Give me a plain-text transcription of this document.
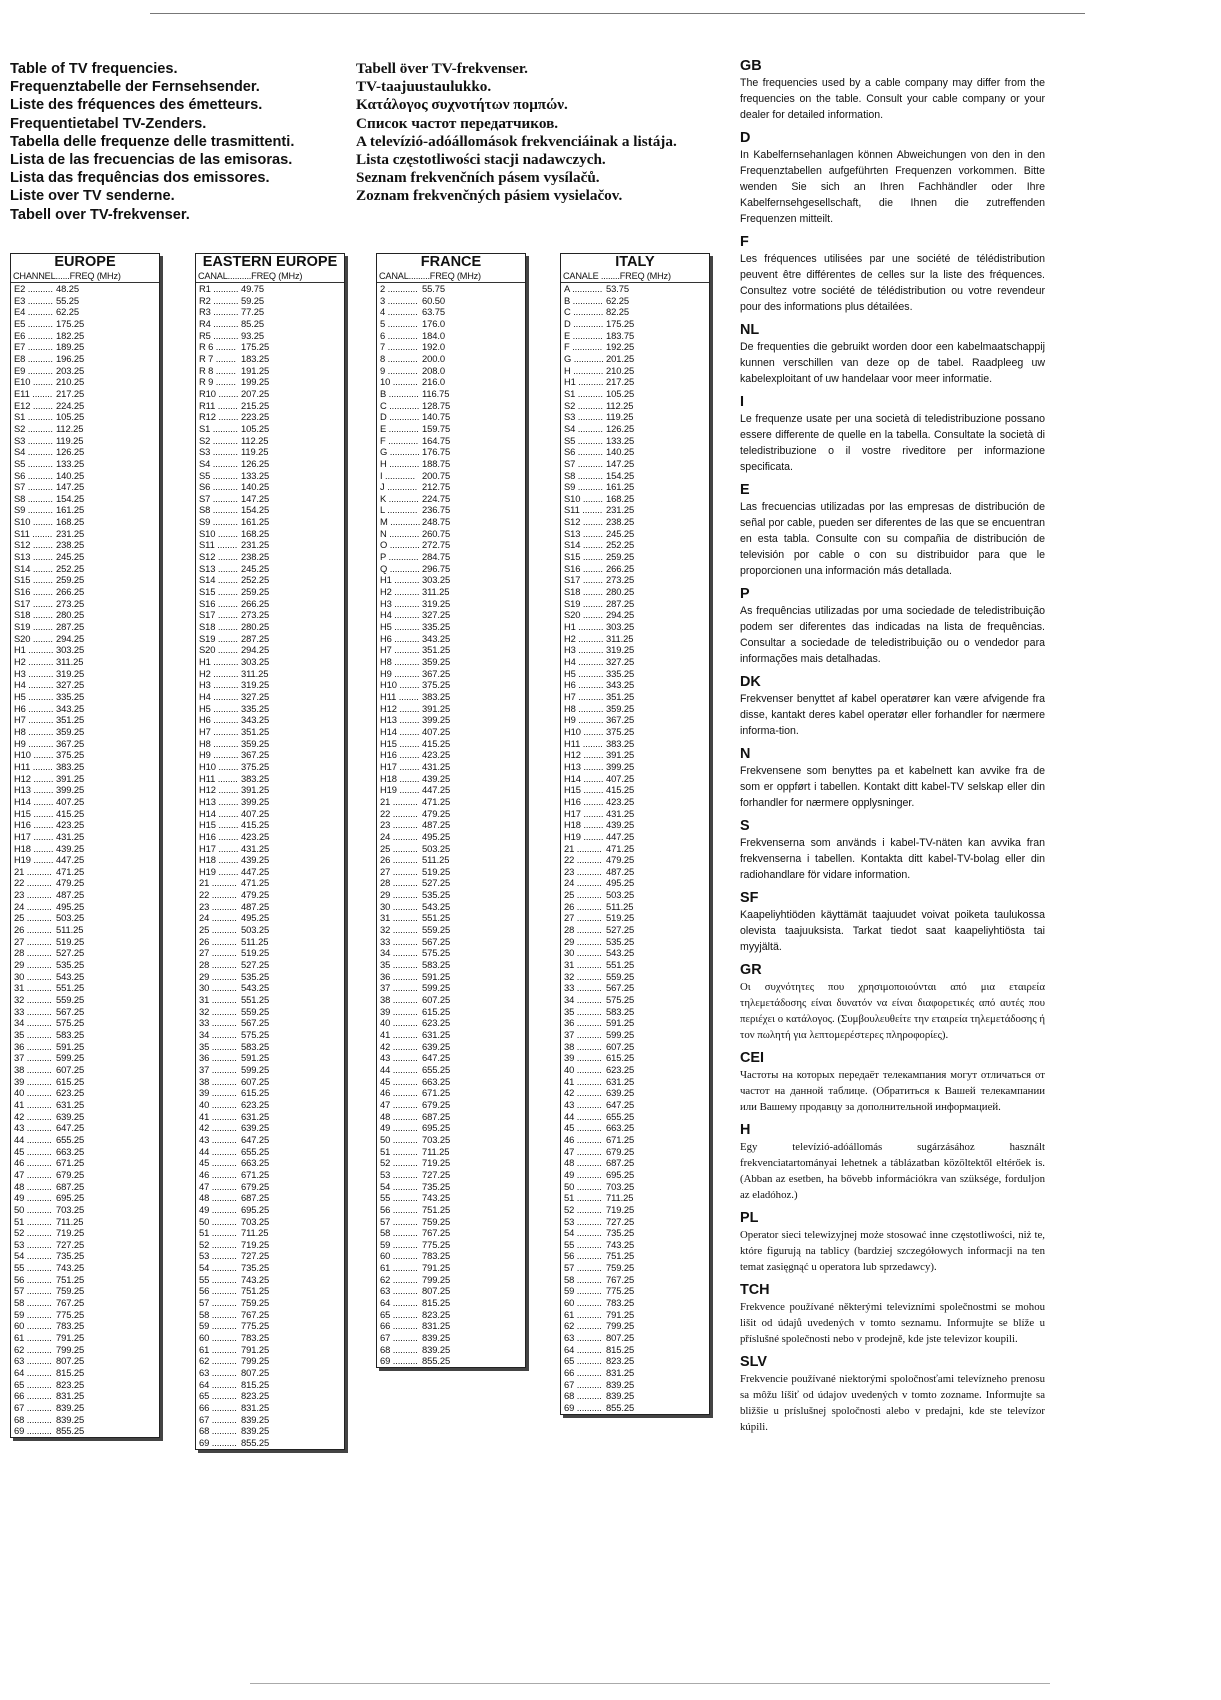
Table of TV frequencies.
Frequenztabelle der Fernsehsender.
Liste des fréquences des émetteurs.
Frequentietabel TV-Zenders.
Tabella delle frequenze delle trasmittenti.
Lista de las frecuencias de las emisoras.
Lista das frequências dos emissores.
Liste over TV senderne.
Tabell over TV-frekvenser.
Tabell över TV-frekvenser.
TV-taajuustaulukko.
Κατάλογος συχνοτήτων πομπών.
Список частот передатчиков.
A televízió-adóállomások frekvenciáinak a listája.
Lista częstotliwości stacji nadawczych.
Seznam frekvenčních pásem vysílačů.
Zoznam frekvenčných pásiem vysielačov.
EUROPE
CHANNEL......FREQ (MHz)
E2 .......... 48.25
E3 .......... 55.25
E4 .......... 62.25
E5 .......... 175.25
E6 .......... 182.25
E7 .......... 189.25
E8 .......... 196.25
E9 .......... 203.25
E10 ........ 210.25
E11 ........ 217.25
E12 ........ 224.25
S1 .......... 105.25
S2 .......... 112.25
S3 .......... 119.25
S4 .......... 126.25
S5 .......... 133.25
S6 .......... 140.25
S7 .......... 147.25
S8 .......... 154.25
S9 .......... 161.25
S10 ........ 168.25
S11 ........ 231.25
S12 ........ 238.25
S13 ........ 245.25
S14 ........ 252.25
S15 ........ 259.25
S16 ........ 266.25
S17 ........ 273.25
S18 ........ 280.25
S19 ........ 287.25
S20 ........ 294.25
H1 .......... 303.25
H2 .......... 311.25
H3 .......... 319.25
H4 .......... 327.25
H5 .......... 335.25
H6 .......... 343.25
H7 .......... 351.25
H8 .......... 359.25
H9 .......... 367.25
H10 ........ 375.25
H11 ........ 383.25
H12 ........ 391.25
H13 ........ 399.25
H14 ........ 407.25
H15 ........ 415.25
H16 ........ 423.25
H17 ........ 431.25
H18 ........ 439.25
H19 ........ 447.25
21 .......... 471.25
22 .......... 479.25
23 .......... 487.25
24 .......... 495.25
25 .......... 503.25
26 .......... 511.25
27 .......... 519.25
28 .......... 527.25
29 .......... 535.25
30 .......... 543.25
31 .......... 551.25
32 .......... 559.25
33 .......... 567.25
34 .......... 575.25
35 .......... 583.25
36 .......... 591.25
37 .......... 599.25
38 .......... 607.25
39 .......... 615.25
40 .......... 623.25
41 .......... 631.25
42 .......... 639.25
43 .......... 647.25
44 .......... 655.25
45 .......... 663.25
46 .......... 671.25
47 .......... 679.25
48 .......... 687.25
49 .......... 695.25
50 .......... 703.25
51 .......... 711.25
52 .......... 719.25
53 .......... 727.25
54 .......... 735.25
55 .......... 743.25
56 .......... 751.25
57 .......... 759.25
58 .......... 767.25
59 .......... 775.25
60 .......... 783.25
61 .......... 791.25
62 .......... 799.25
63 .......... 807.25
64 .......... 815.25
65 .......... 823.25
66 .......... 831.25
67 .......... 839.25
68 .......... 839.25
69 .......... 855.25
EASTERN EUROPE
CANAL..........FREQ (MHz)
R1 .......... 49.75
R2 .......... 59.25
R3 .......... 77.25
R4 .......... 85.25
R5 .......... 93.25
R 6 ........ 175.25
R 7 ........ 183.25
R 8 ........ 191.25
R 9 ........ 199.25
R10 ........ 207.25
R11 ........ 215.25
R12 ........ 223.25
S1 .......... 105.25
S2 .......... 112.25
S3 .......... 119.25
S4 .......... 126.25
S5 .......... 133.25
S6 .......... 140.25
S7 .......... 147.25
S8 .......... 154.25
S9 .......... 161.25
S10 ........ 168.25
S11 ........ 231.25
S12 ........ 238.25
S13 ........ 245.25
S14 ........ 252.25
S15 ........ 259.25
S16 ........ 266.25
S17 ........ 273.25
S18 ........ 280.25
S19 ........ 287.25
S20 ........ 294.25
H1 .......... 303.25
H2 .......... 311.25
H3 .......... 319.25
H4 .......... 327.25
H5 .......... 335.25
H6 .......... 343.25
H7 .......... 351.25
H8 .......... 359.25
H9 .......... 367.25
H10 ........ 375.25
H11 ........ 383.25
H12 ........ 391.25
H13 ........ 399.25
H14 ........ 407.25
H15 ........ 415.25
H16 ........ 423.25
H17 ........ 431.25
H18 ........ 439.25
H19 ........ 447.25
21 .......... 471.25
22 .......... 479.25
23 .......... 487.25
24 .......... 495.25
25 .......... 503.25
26 .......... 511.25
27 .......... 519.25
28 .......... 527.25
29 .......... 535.25
30 .......... 543.25
31 .......... 551.25
32 .......... 559.25
33 .......... 567.25
34 .......... 575.25
35 .......... 583.25
36 .......... 591.25
37 .......... 599.25
38 .......... 607.25
39 .......... 615.25
40 .......... 623.25
41 .......... 631.25
42 .......... 639.25
43 .......... 647.25
44 .......... 655.25
45 .......... 663.25
46 .......... 671.25
47 .......... 679.25
48 .......... 687.25
49 .......... 695.25
50 .......... 703.25
51 .......... 711.25
52 .......... 719.25
53 .......... 727.25
54 .......... 735.25
55 .......... 743.25
56 .......... 751.25
57 .......... 759.25
58 .......... 767.25
59 .......... 775.25
60 .......... 783.25
61 .......... 791.25
62 .......... 799.25
63 .......... 807.25
64 .......... 815.25
65 .......... 823.25
66 .......... 831.25
67 .......... 839.25
68 .......... 839.25
69 .......... 855.25
FRANCE
CANAL.........FREQ (MHz)
2 ............ 55.75
3 ............ 60.50
4 ............ 63.75
5 ............ 176.0
6 ............ 184.0
7 ............ 192.0
8 ............ 200.0
9 ............ 208.0
10 .......... 216.0
B ............ 116.75
C ............ 128.75
D ............ 140.75
E ............ 159.75
F ............ 164.75
G ............ 176.75
H ............ 188.75
I ............ 200.75
J ............ 212.75
K ............ 224.75
L ............ 236.75
M ............ 248.75
N ............ 260.75
O ............ 272.75
P ............ 284.75
Q ............ 296.75
H1 .......... 303.25
H2 .......... 311.25
H3 .......... 319.25
H4 .......... 327.25
H5 .......... 335.25
H6 .......... 343.25
H7 .......... 351.25
H8 .......... 359.25
H9 .......... 367.25
H10 ........ 375.25
H11 ........ 383.25
H12 ........ 391.25
H13 ........ 399.25
H14 ........ 407.25
H15 ........ 415.25
H16 ........ 423.25
H17 ........ 431.25
H18 ........ 439.25
H19 ........ 447.25
21 .......... 471.25
22 .......... 479.25
23 .......... 487.25
24 .......... 495.25
25 .......... 503.25
26 .......... 511.25
27 .......... 519.25
28 .......... 527.25
29 .......... 535.25
30 .......... 543.25
31 .......... 551.25
32 .......... 559.25
33 .......... 567.25
34 .......... 575.25
35 .......... 583.25
36 .......... 591.25
37 .......... 599.25
38 .......... 607.25
39 .......... 615.25
40 .......... 623.25
41 .......... 631.25
42 .......... 639.25
43 .......... 647.25
44 .......... 655.25
45 .......... 663.25
46 .......... 671.25
47 .......... 679.25
48 .......... 687.25
49 .......... 695.25
50 .......... 703.25
51 .......... 711.25
52 .......... 719.25
53 .......... 727.25
54 .......... 735.25
55 .......... 743.25
56 .......... 751.25
57 .......... 759.25
58 .......... 767.25
59 .......... 775.25
60 .......... 783.25
61 .......... 791.25
62 .......... 799.25
63 .......... 807.25
64 .......... 815.25
65 .......... 823.25
66 .......... 831.25
67 .......... 839.25
68 .......... 839.25
69 .......... 855.25
ITALY
CANALE ........FREQ (MHz)
A ............ 53.75
B ............ 62.25
C ............ 82.25
D ............ 175.25
E ............ 183.75
F ............ 192.25
G ............ 201.25
H ............ 210.25
H1 .......... 217.25
S1 .......... 105.25
S2 .......... 112.25
S3 .......... 119.25
S4 .......... 126.25
S5 .......... 133.25
S6 .......... 140.25
S7 .......... 147.25
S8 .......... 154.25
S9 .......... 161.25
S10 ........ 168.25
S11 ........ 231.25
S12 ........ 238.25
S13 ........ 245.25
S14 ........ 252.25
S15 ........ 259.25
S16 ........ 266.25
S17 ........ 273.25
S18 ........ 280.25
S19 ........ 287.25
S20 ........ 294.25
H1 .......... 303.25
H2 .......... 311.25
H3 .......... 319.25
H4 .......... 327.25
H5 .......... 335.25
H6 .......... 343.25
H7 .......... 351.25
H8 .......... 359.25
H9 .......... 367.25
H10 ........ 375.25
H11 ........ 383.25
H12 ........ 391.25
H13 ........ 399.25
H14 ........ 407.25
H15 ........ 415.25
H16 ........ 423.25
H17 ........ 431.25
H18 ........ 439.25
H19 ........ 447.25
21 .......... 471.25
22 .......... 479.25
23 .......... 487.25
24 .......... 495.25
25 .......... 503.25
26 .......... 511.25
27 .......... 519.25
28 .......... 527.25
29 .......... 535.25
30 .......... 543.25
31 .......... 551.25
32 .......... 559.25
33 .......... 567.25
34 .......... 575.25
35 .......... 583.25
36 .......... 591.25
37 .......... 599.25
38 .......... 607.25
39 .......... 615.25
40 .......... 623.25
41 .......... 631.25
42 .......... 639.25
43 .......... 647.25
44 .......... 655.25
45 .......... 663.25
46 .......... 671.25
47 .......... 679.25
48 .......... 687.25
49 .......... 695.25
50 .......... 703.25
51 .......... 711.25
52 .......... 719.25
53 .......... 727.25
54 .......... 735.25
55 .......... 743.25
56 .......... 751.25
57 .......... 759.25
58 .......... 767.25
59 .......... 775.25
60 .......... 783.25
61 .......... 791.25
62 .......... 799.25
63 .......... 807.25
64 .......... 815.25
65 .......... 823.25
66 .......... 831.25
67 .......... 839.25
68 .......... 839.25
69 .......... 855.25
GB
The frequencies used by a cable company may differ from the frequencies on the table. Consult your cable company or your dealer for detailed information.
D
In Kabelfernsehanlagen können Abweichungen von den in den Frequenztabellen aufgeführten Frequenzen vorkommen. Bitte wenden Sie sich an Ihren Fachhändler oder Ihre Kabelfernsehgesellschaft, die Ihnen die zutreffenden Frequenzen mitteilt.
F
Les fréquences utilisées par une société de télédistribution peuvent être différentes de celles sur la liste des fréquences. Consultez votre société de télédistribution ou votre revendeur pour des informations plus détailées.
NL
De frequenties die gebruikt worden door een kabelmaatschappij kunnen verschillen van deze op de tabel. Raadpleeg uw kabelexploitant of uw handelaar voor meer informatie.
I
Le frequenze usate per una società di teledistribuzione possano essere differente de quelle en la tabella. Consultate la società di teledistribuzione o il vostre riveditore per informazione specificata.
E
Las frecuencias utilizadas por las empresas de distribución de señal por cable, pueden ser diferentes de las que se encuentran en esta tabla. Consulte con su compañia de distribución de televisión por cable o con su distribuidor para que le proporcionen una información más detallada.
P
As frequências utilizadas por uma sociedade de teledistribuição podem ser diferentes das indicadas na lista de frequências. Consultar a sociedade de teledistribuição ou o vendedor para informações mais detalhadas.
DK
Frekvenser benyttet af kabel operatører kan være afvigende fra disse, kantakt deres kabel operatør eller forhandler for nærmere informa-tion.
N
Frekvensene som benyttes pa et kabelnett kan avvike fra de som er oppført i tabellen. Kontakt ditt kabel-TV selskap eller din forhandler for nærmere opplysninger.
S
Frekvenserna som används i kabel-TV-näten kan avvika fran frekvenserna i tabellen. Kontakta ditt kabel-TV-bolag eller din radiohandlare för vidare information.
SF
Kaapeliyhtiöden käyttämät taajuudet voivat poiketa taulukossa olevista taajuuksista. Tarkat tiedot saat kaapeliyhtiösta tai myyjältä.
GR
Οι συχνότητες που χρησιμοποιούνται από μια εταιρεία τηλεμετάδοσης είναι δυνατόν να είναι διαφορετικές από αυτές που περιέχει ο κατάλογος. (Συμβουλευθείτε την εταιρεία τηλεμετάδοσης ή τον πωλητή για λεπτομερέστερες πληροφορίες).
CEI
Частоты на которых передаёт телекампания могут отличаться от частот на данной таблице. (Обратиться к Вашей телекампании или Вашему продавцу за дополнительной информацией.
H
Egy televízió-adóállomás sugárzásához használt frekvenciatartományai lehetnek a táblázatban közöltektől eltérőek is. (Abban az esetben, ha bővebb információkra van szüksége, forduljon az eladóhoz.)
PL
Operator sieci telewizyjnej może stosować inne częstotliwości, niż te, które figurują na tablicy (bardziej szczegółowych informacji na ten temat zasięgnąć u operatora lub sprzedawcy).
TCH
Frekvence používané některými televizními společnostmi se mohou lišit od údajů uvedených v tomto seznamu. Informujte se blíže u příslušné společnosti nebo v prodejně, kde jste televizor koupili.
SLV
Frekvencie používané niektorými spoločnosťami televízneho prenosu sa môžu líšiť od údajov uvedených v tomto zozname. Informujte sa bližšie u príslušnej spoločnosti alebo v predajni, kde ste televízor kúpili.
